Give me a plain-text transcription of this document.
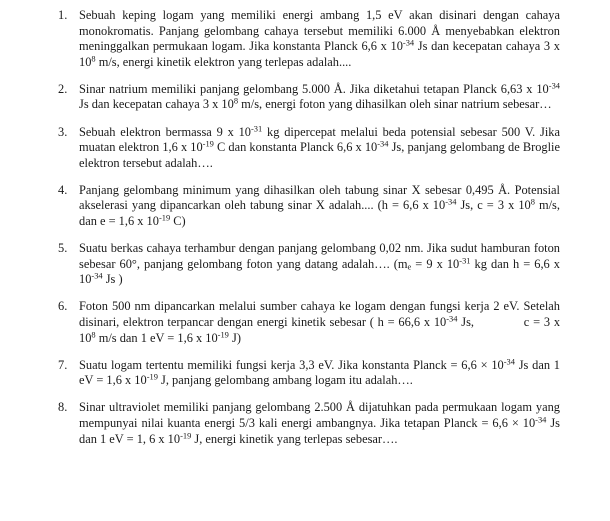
1. Sebuah keping logam yang memiliki energi ambang 1,5 eV akan disinari dengan cahaya monokromatis. Panjang gelombang cahaya tersebut memiliki 6.000 Å menyebabkan elektron meninggalkan permukaan logam. Jika konstanta Planck 6,6 x $10^{-34}$ Js dan kecepatan cahaya 3 x $10^8$ m/s, energi kinetik elektron yang terlepas adalah....
2. Sinar natrium memiliki panjang gelombang 5.000 Å. Jika diketahui tetapan Planck 6,63 x $10^{-34}$ Js dan kecepatan cahaya 3 x $10^8$ m/s, energi foton yang dihasilkan oleh sinar natrium sebesar…
3. Sebuah elektron bermassa 9 x $10^{-31}$ kg dipercepat melalui beda potensial sebesar 500 V. Jika muatan elektron 1,6 x $10^{-19}$ C dan konstanta Planck 6,6 x $10^{-34}$ Js, panjang gelombang de Broglie elektron tersebut adalah….
4. Panjang gelombang minimum yang dihasilkan oleh tabung sinar X sebesar 0,495 Å. Potensial akselerasi yang dipancarkan oleh tabung sinar X adalah.... (h = 6,6 x $10^{-34}$ Js, c = 3 x $10^8$ m/s, dan e = 1,6 x $10^{-19}$ C)
5. Suatu berkas cahaya terhambur dengan panjang gelombang 0,02 nm. Jika sudut hamburan foton sebesar 60°, panjang gelombang foton yang datang adalah…. ($m_e = 9$ x $10^{-31}$ kg dan h = 6,6 x $10^{-34}$ Js )
6. Foton 500 nm dipancarkan melalui sumber cahaya ke logam dengan fungsi kerja 2 eV. Setelah disinari, elektron terpancar dengan energi kinetik sebesar ( h = 66,6 x $10^{-34}$ Js,	c = 3 x $10^8$ m/s dan 1 eV = 1,6 x $10^{-19}$ J)
7. Suatu logam tertentu memiliki fungsi kerja 3,3 eV. Jika konstanta Planck = $6,6 \times 10^{-34}$ Js dan 1 eV = 1,6 x $10^{-19}$ J, panjang gelombang ambang logam itu adalah….
8. Sinar ultraviolet memiliki panjang gelombang 2.500 Å dijatuhkan pada permukaan logam yang mempunyai nilai kuanta energi 5/3 kali energi ambangnya. Jika tetapan Planck = $6,6 \times 10^{-34}$ Js dan 1 eV = 1, 6 x $10^{-19}$ J, energi kinetik yang terlepas sebesar….
